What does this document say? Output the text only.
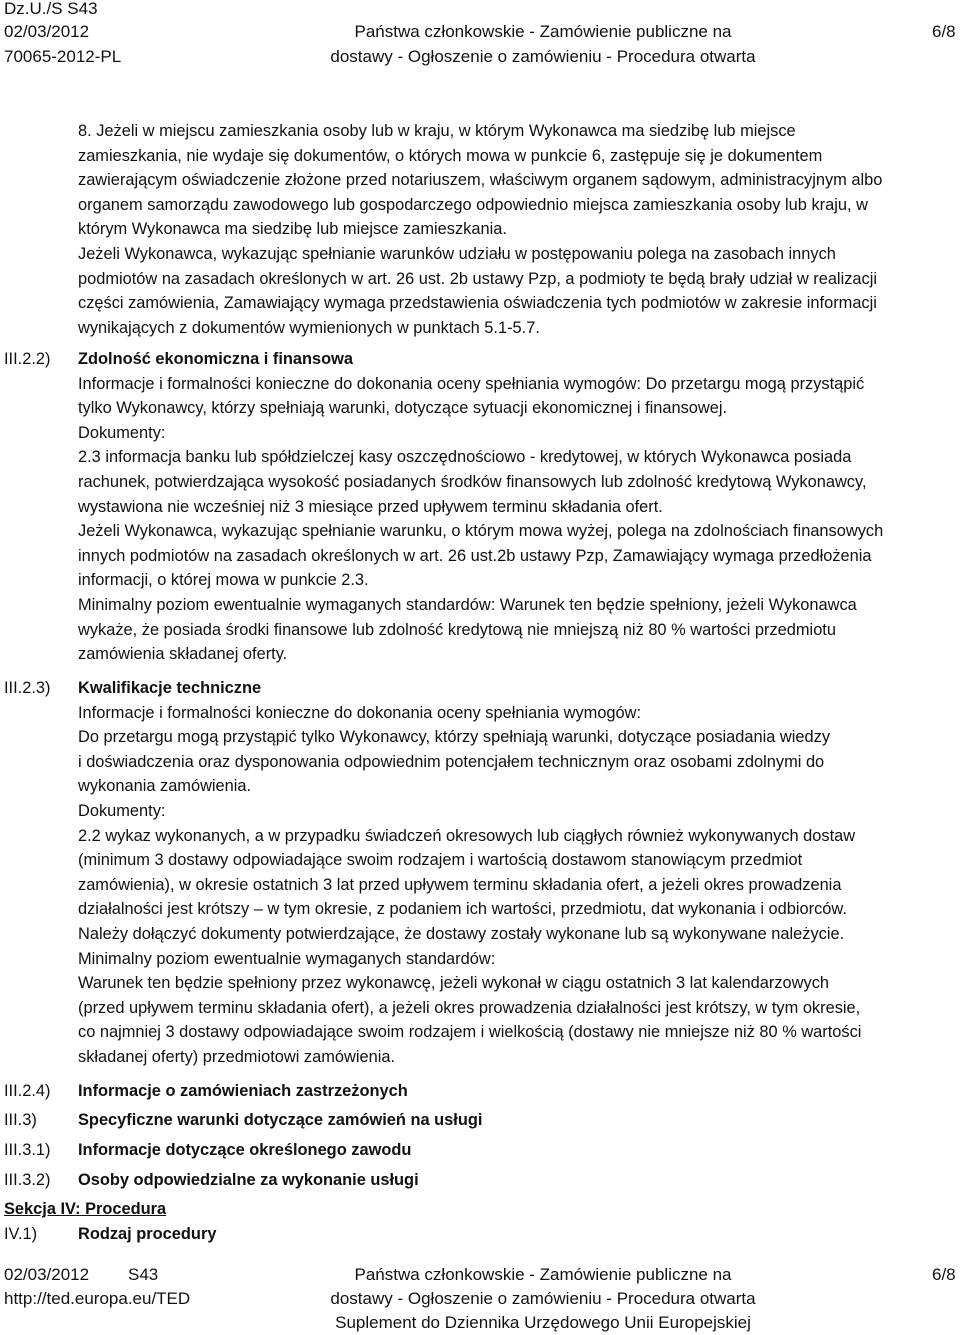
Dz.U./S S43
02/03/2012
70065-2012-PL
Państwa członkowskie - Zamówienie publiczne na
dostawy - Ogłoszenie o zamówieniu - Procedura otwarta
6/8
8. Jeżeli w miejscu zamieszkania osoby lub w kraju, w którym Wykonawca ma siedzibę lub miejsce
zamieszkania, nie wydaje się dokumentów, o których mowa w punkcie 6, zastępuje się je dokumentem
zawierającym oświadczenie złożone przed notariuszem, właściwym organem sądowym, administracyjnym albo
organem samorządu zawodowego lub gospodarczego odpowiednio miejsca zamieszkania osoby lub kraju, w
którym Wykonawca ma siedzibę lub miejsce zamieszkania.
Jeżeli Wykonawca, wykazując spełnianie warunków udziału w postępowaniu polega na zasobach innych
podmiotów na zasadach określonych w art. 26 ust. 2b ustawy Pzp, a podmioty te będą brały udział w realizacji
części zamówienia, Zamawiający wymaga przedstawienia oświadczenia tych podmiotów w zakresie informacji
wynikających z dokumentów wymienionych w punktach 5.1-5.7.
III.2.2) Zdolność ekonomiczna i finansowa
Informacje i formalności konieczne do dokonania oceny spełniania wymogów: Do przetargu mogą przystąpić
tylko Wykonawcy, którzy spełniają warunki, dotyczące sytuacji ekonomicznej i finansowej.
Dokumenty:
2.3 informacja banku lub spółdzielczej kasy oszczędnościowo - kredytowej, w których Wykonawca posiada
rachunek, potwierdzająca wysokość posiadanych środków finansowych lub zdolność kredytową Wykonawcy,
wystawiona nie wcześniej niż 3 miesiące przed upływem terminu składania ofert.
Jeżeli Wykonawca, wykazując spełnianie warunku, o którym mowa wyżej, polega na zdolnościach finansowych
innych podmiotów na zasadach określonych w art. 26 ust.2b ustawy Pzp, Zamawiający wymaga przedłożenia
informacji, o której mowa w punkcie 2.3.
Minimalny poziom ewentualnie wymaganych standardów: Warunek ten będzie spełniony, jeżeli Wykonawca
wykaże, że posiada środki finansowe lub zdolność kredytową nie mniejszą niż 80 % wartości przedmiotu
zamówienia składanej oferty.
III.2.3) Kwalifikacje techniczne
Informacje i formalności konieczne do dokonania oceny spełniania wymogów:
Do przetargu mogą przystąpić tylko Wykonawcy, którzy spełniają warunki, dotyczące posiadania wiedzy
i doświadczenia oraz dysponowania odpowiednim potencjałem technicznym oraz osobami zdolnymi do
wykonania zamówienia.
Dokumenty:
2.2 wykaz wykonanych, a w przypadku świadczeń okresowych lub ciągłych również wykonywanych dostaw
(minimum 3 dostawy odpowiadające swoim rodzajem i wartością dostawom stanowiącym przedmiot
zamówienia), w okresie ostatnich 3 lat przed upływem terminu składania ofert, a jeżeli okres prowadzenia
działalności jest krótszy – w tym okresie, z podaniem ich wartości, przedmiotu, dat wykonania i odbiorców.
Należy dołączyć dokumenty potwierdzające, że dostawy zostały wykonane lub są wykonywane należycie.
Minimalny poziom ewentualnie wymaganych standardów:
Warunek ten będzie spełniony przez wykonawcę, jeżeli wykonał w ciągu ostatnich 3 lat kalendarzowych
(przed upływem terminu składania ofert), a jeżeli okres prowadzenia działalności jest krótszy, w tym okresie,
co najmniej 3 dostawy odpowiadające swoim rodzajem i wielkością (dostawy nie mniejsze niż 80 % wartości
składanej oferty) przedmiotowi zamówienia.
III.2.4) Informacje o zamówieniach zastrzeżonych
III.3)	Specyficzne warunki dotyczące zamówień na usługi
III.3.1) Informacje dotyczące określonego zawodu
III.3.2) Osoby odpowiedzialne za wykonanie usługi
Sekcja IV: Procedura
IV.1) Rodzaj procedury
02/03/2012 S43
http://ted.europa.eu/TED
Państwa członkowskie - Zamówienie publiczne na
dostawy - Ogłoszenie o zamówieniu - Procedura otwarta
Suplement do Dziennika Urzędowego Unii Europejskiej
6/8
